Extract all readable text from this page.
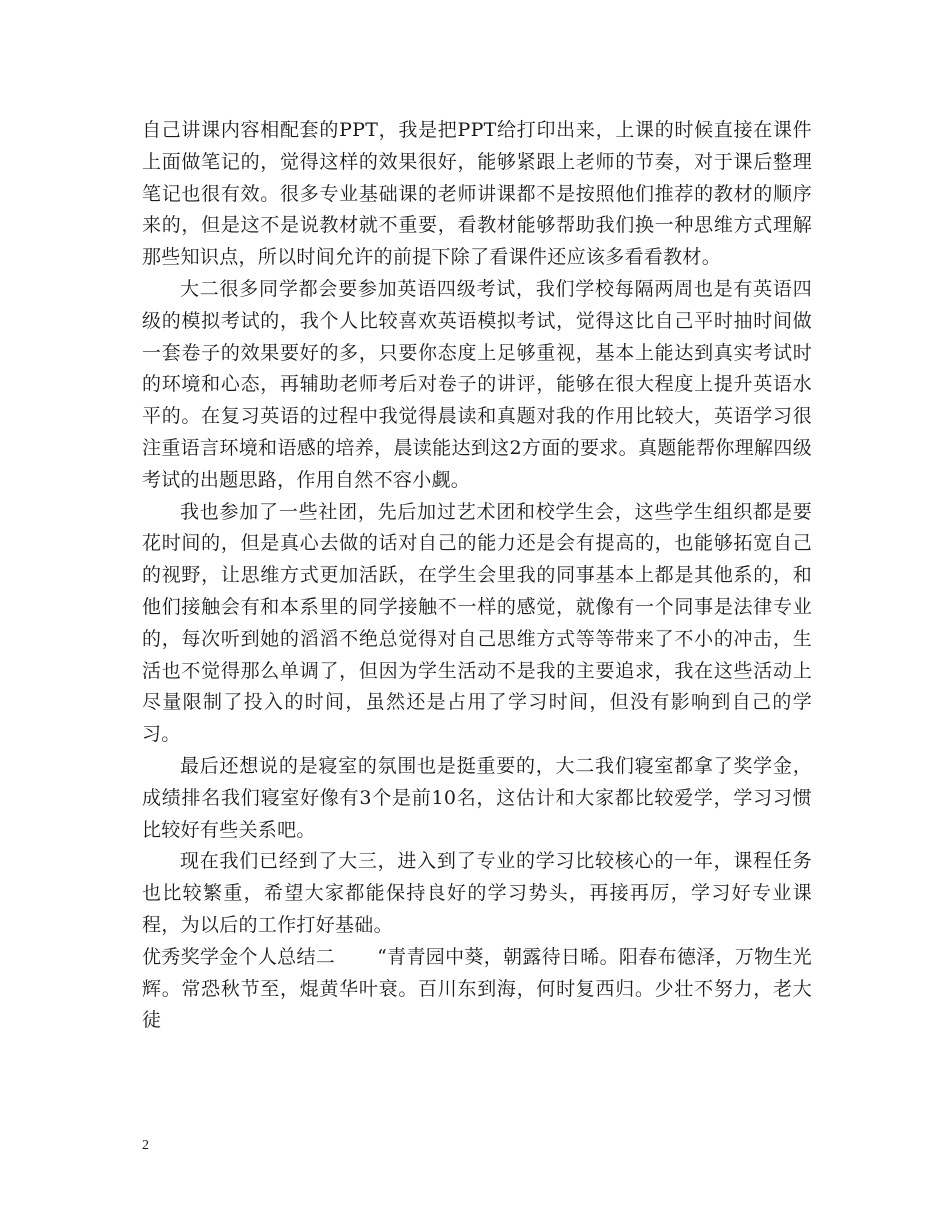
自己讲课内容相配套的PPT，我是把PPT给打印出来，上课的时候直接在课件上面做笔记的，觉得这样的效果很好，能够紧跟上老师的节奏，对于课后整理笔记也很有效。很多专业基础课的老师讲课都不是按照他们推荐的教材的顺序来的，但是这不是说教材就不重要，看教材能够帮助我们换一种思维方式理解那些知识点，所以时间允许的前提下除了看课件还应该多看看教材。

大二很多同学都会要参加英语四级考试，我们学校每隔两周也是有英语四级的模拟考试的，我个人比较喜欢英语模拟考试，觉得这比自己平时抽时间做一套卷子的效果要好的多，只要你态度上足够重视，基本上能达到真实考试时的环境和心态，再辅助老师考后对卷子的讲评，能够在很大程度上提升英语水平的。在复习英语的过程中我觉得晨读和真题对我的作用比较大，英语学习很注重语言环境和语感的培养，晨读能达到这2方面的要求。真题能帮你理解四级考试的出题思路，作用自然不容小觑。

我也参加了一些社团，先后加过艺术团和校学生会，这些学生组织都是要花时间的，但是真心去做的话对自己的能力还是会有提高的，也能够拓宽自己的视野，让思维方式更加活跃，在学生会里我的同事基本上都是其他系的，和他们接触会有和本系里的同学接触不一样的感觉，就像有一个同事是法律专业的，每次听到她的滔滔不绝总觉得对自己思维方式等等带来了不小的冲击，生活也不觉得那么单调了，但因为学生活动不是我的主要追求，我在这些活动上尽量限制了投入的时间，虽然还是占用了学习时间，但没有影响到自己的学习。

最后还想说的是寝室的氛围也是挺重要的，大二我们寝室都拿了奖学金，成绩排名我们寝室好像有3个是前10名，这估计和大家都比较爱学，学习习惯比较好有些关系吧。

现在我们已经到了大三，进入到了专业的学习比较核心的一年，课程任务也比较繁重，希望大家都能保持良好的学习势头，再接再厉，学习好专业课程，为以后的工作打好基础。

优秀奖学金个人总结二 “青青园中葵，朝露待日晞。阳春布德泽，万物生光辉。常恐秋节至，焜黄华叶衰。百川东到海，何时复西归。少壮不努力，老大徒

2
